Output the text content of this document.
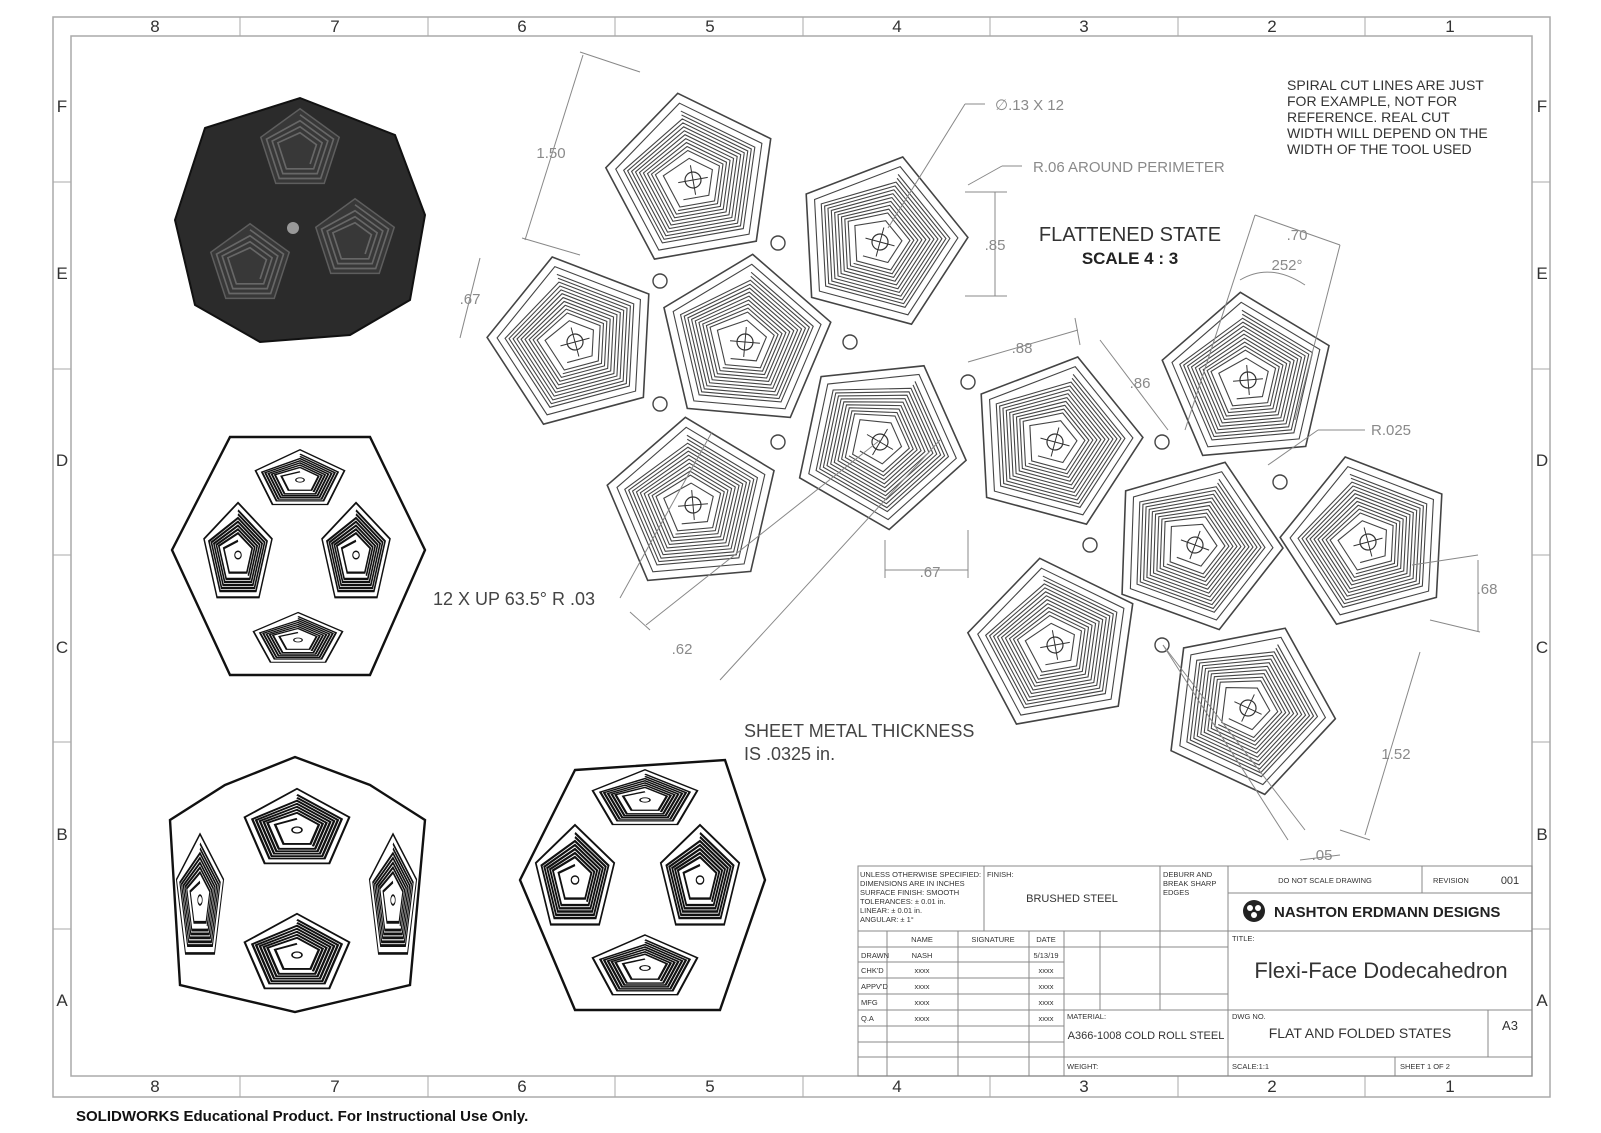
8	7	6	5	4	3	2	1
8	7	6	5	4	3	2	1
F
E
D
C
B
A
F
E
D
C
B
A
1.50
∅.13 X 12
R.06 AROUND PERIMETER
.85
.67
.88
.86
.70
252°
R.025
.67
.62
.68
1.52
.05
SPIRAL CUT LINES ARE JUST
FOR EXAMPLE, NOT FOR
REFERENCE. REAL CUT
WIDTH WILL DEPEND ON THE
WIDTH OF THE TOOL USED
FLATTENED STATE
SCALE 4 : 3
12 X UP 63.5° R .03
SHEET METAL THICKNESS
IS .0325 in.
UNLESS OTHERWISE SPECIFIED:
DIMENSIONS ARE IN INCHES
SURFACE FINISH: SMOOTH
TOLERANCES: ± 0.01 in.
LINEAR: ± 0.01 in.
ANGULAR: ± 1°
FINISH:
BRUSHED STEEL
DEBURR AND
BREAK SHARP
EDGES
DO NOT SCALE DRAWING	REVISION	001
NASHTON ERDMANN DESIGNS
TITLE:
Flexi-Face Dodecahedron
NAME	SIGNATURE	DATE
DRAWN	NASH	5/13/19
CHK'D	xxxx	xxxx
APPV'D	xxxx	xxxx
MFG	xxxx	xxxx
Q.A	xxxx	xxxx MATERIAL:
A366-1008 COLD ROLL STEEL
DWG NO.
FLAT AND FOLDED STATES	A3
WEIGHT:	SCALE:1:1	SHEET 1 OF 2
SOLIDWORKS Educational Product. For Instructional Use Only.
